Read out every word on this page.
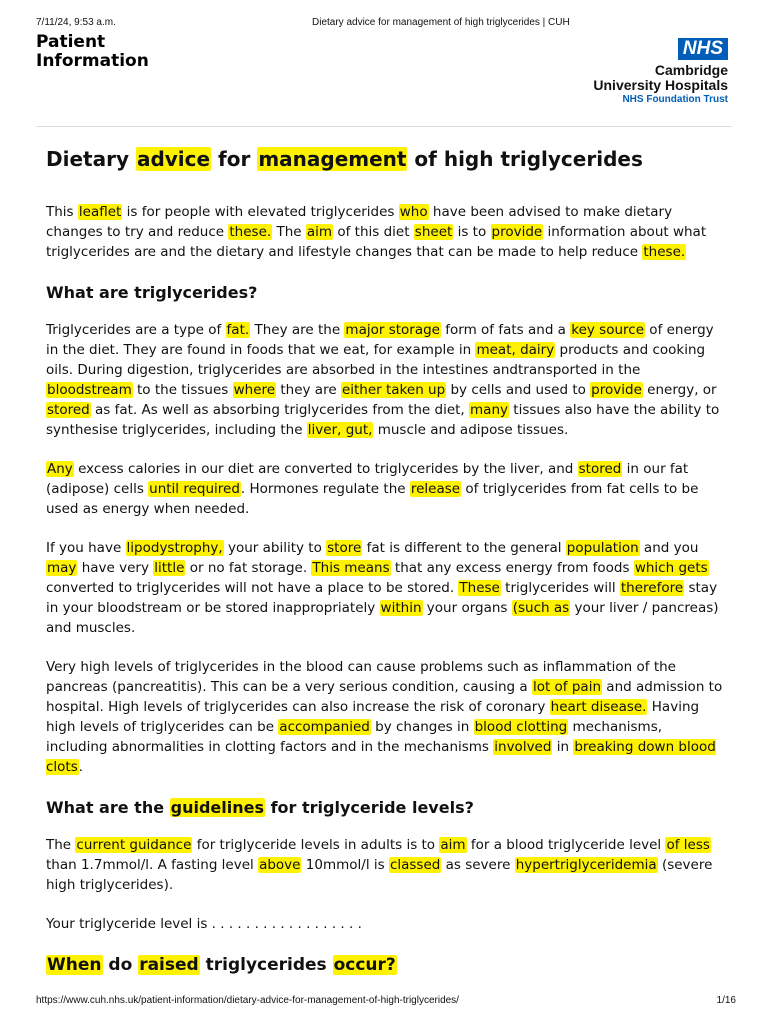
7/11/24, 9:53 a.m.	Dietary advice for management of high triglycerides | CUH
Patient
Information
NHS
Cambridge
University Hospitals
NHS Foundation Trust
Dietary advice for management of high triglycerides

This leaflet is for people with elevated triglycerides who have been advised to make dietary changes to try and reduce these. The aim of this diet sheet is to provide information about what triglycerides are and the dietary and lifestyle changes that can be made to help reduce these.

What are triglycerides?

Triglycerides are a type of fat. They are the major storage form of fats and a key source of energy in the diet. They are found in foods that we eat, for example in meat, dairy products and cooking oils. During digestion, triglycerides are absorbed in the intestines andtransported in the bloodstream to the tissues where they are either taken up by cells and used to provide energy, or stored as fat. As well as absorbing triglycerides from the diet, many tissues also have the ability to synthesise triglycerides, including the liver, gut, muscle and adipose tissues.

Any excess calories in our diet are converted to triglycerides by the liver, and stored in our fat (adipose) cells until required. Hormones regulate the release of triglycerides from fat cells to be used as energy when needed.

If you have lipodystrophy, your ability to store fat is different to the general population and you may have very little or no fat storage. This means that any excess energy from foods which gets converted to triglycerides will not have a place to be stored. These triglycerides will therefore stay in your bloodstream or be stored inappropriately within your organs (such as your liver / pancreas) and muscles.

Very high levels of triglycerides in the blood can cause problems such as inflammation of the pancreas (pancreatitis). This can be a very serious condition, causing a lot of pain and admission to hospital. High levels of triglycerides can also increase the risk of coronary heart disease. Having high levels of triglycerides can be accompanied by changes in blood clotting mechanisms, including abnormalities in clotting factors and in the mechanisms involved in breaking down blood clots.

What are the guidelines for triglyceride levels?

The current guidance for triglyceride levels in adults is to aim for a blood triglyceride level of less than 1.7mmol/l. A fasting level above 10mmol/l is classed as severe hypertriglyceridemia (severe high triglycerides).

Your triglyceride level is . . . . . . . . . . . . . . . . . .

When do raised triglycerides occur?
https://www.cuh.nhs.uk/patient-information/dietary-advice-for-management-of-high-triglycerides/	1/16
